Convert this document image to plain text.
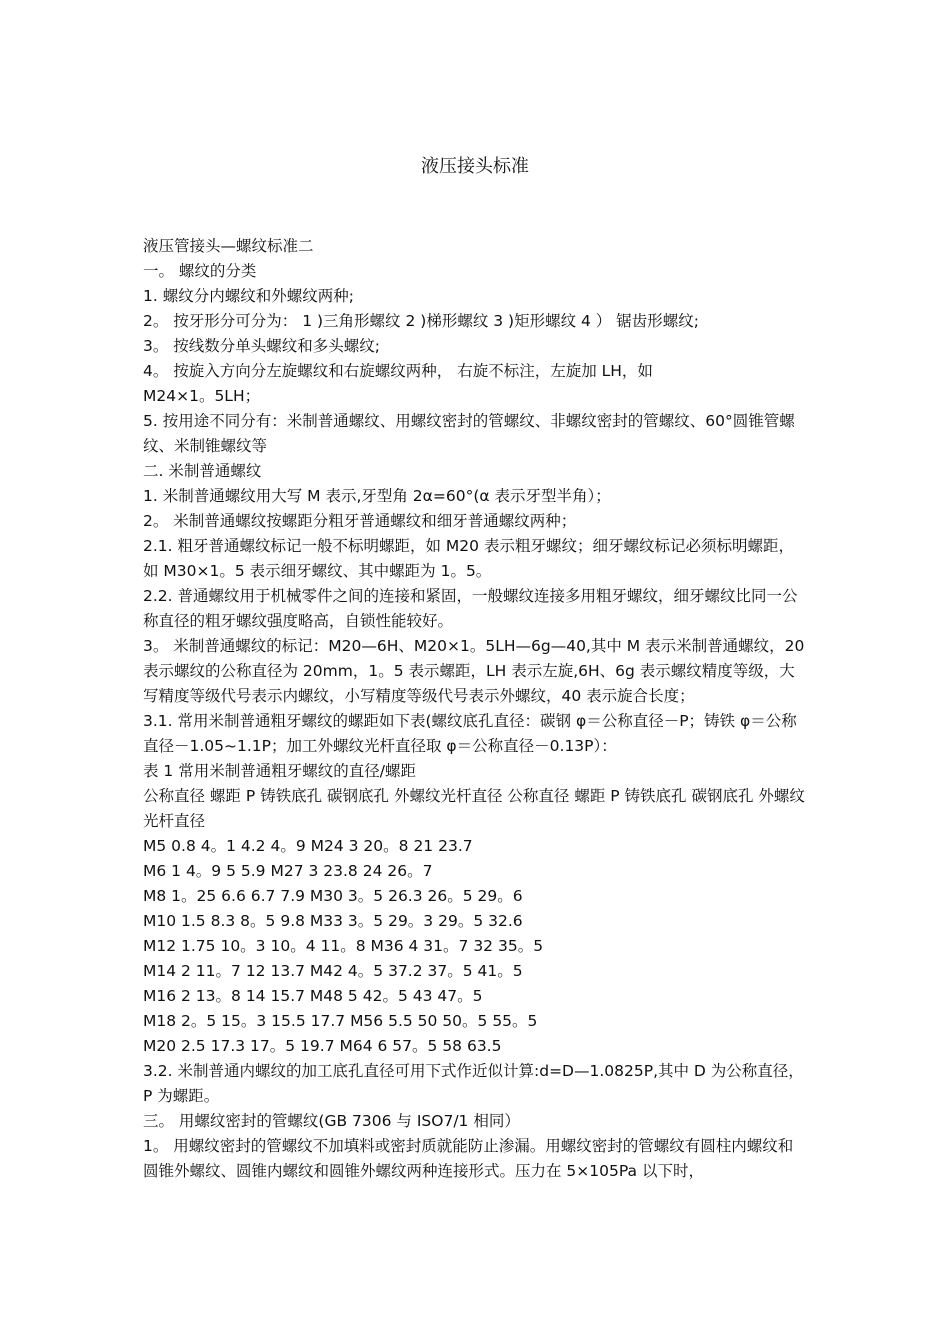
液压接头标准

液压管接头—螺纹标准二

一。 螺纹的分类

1. 螺纹分内螺纹和外螺纹两种;

2。 按牙形分可分为： 1 )三角形螺纹 2 )梯形螺纹 3 )矩形螺纹 4 ） 锯齿形螺纹;

3。 按线数分单头螺纹和多头螺纹;

4。 按旋入方向分左旋螺纹和右旋螺纹两种， 右旋不标注，左旋加 LH，如

M24×1。5LH；

5. 按用途不同分有：米制普通螺纹、用螺纹密封的管螺纹、非螺纹密封的管螺纹、60°圆锥管螺纹、米制锥螺纹等

二. 米制普通螺纹

1. 米制普通螺纹用大写 M 表示,牙型角 2α=60°(α 表示牙型半角）；

2。 米制普通螺纹按螺距分粗牙普通螺纹和细牙普通螺纹两种；

2.1. 粗牙普通螺纹标记一般不标明螺距，如 M20 表示粗牙螺纹；细牙螺纹标记必须标明螺距，如 M30×1。5 表示细牙螺纹、其中螺距为 1。5。

2.2. 普通螺纹用于机械零件之间的连接和紧固，一般螺纹连接多用粗牙螺纹，细牙螺纹比同一公称直径的粗牙螺纹强度略高，自锁性能较好。

3。 米制普通螺纹的标记：M20—6H、M20×1。5LH—6g—40,其中 M 表示米制普通螺纹，20 表示螺纹的公称直径为 20mm，1。5 表示螺距，LH 表示左旋,6H、6g 表示螺纹精度等级，大写精度等级代号表示内螺纹，小写精度等级代号表示外螺纹，40 表示旋合长度；

3.1. 常用米制普通粗牙螺纹的螺距如下表(螺纹底孔直径：碳钢 φ＝公称直径－P；铸铁 φ＝公称直径－1.05~1.1P；加工外螺纹光杆直径取 φ＝公称直径－0.13P）：

表 1 常用米制普通粗牙螺纹的直径/螺距

公称直径 螺距 P 铸铁底孔 碳钢底孔 外螺纹光杆直径 公称直径 螺距 P 铸铁底孔 碳钢底孔 外螺纹光杆直径

M5 0.8 4。1 4.2 4。9 M24 3 20。8 21 23.7

M6 1 4。9 5 5.9 M27 3 23.8 24 26。7

M8 1。25 6.6 6.7 7.9 M30 3。5 26.3 26。5 29。6

M10 1.5 8.3 8。5 9.8 M33 3。5 29。3 29。5 32.6

M12 1.75 10。3 10。4 11。8 M36 4 31。7 32 35。5

M14 2 11。7 12 13.7 M42 4。5 37.2 37。5 41。5

M16 2 13。8 14 15.7 M48 5 42。5 43 47。5

M18 2。5 15。3 15.5 17.7 M56 5.5 50 50。5 55。5

M20 2.5 17.3 17。5 19.7 M64 6 57。5 58 63.5

3.2. 米制普通内螺纹的加工底孔直径可用下式作近似计算:d=D—1.0825P,其中 D 为公称直径，P 为螺距。

三。 用螺纹密封的管螺纹(GB 7306 与 ISO7/1 相同）

1。 用螺纹密封的管螺纹不加填料或密封质就能防止渗漏。用螺纹密封的管螺纹有圆柱内螺纹和圆锥外螺纹、圆锥内螺纹和圆锥外螺纹两种连接形式。压力在 5×105Pa 以下时，
